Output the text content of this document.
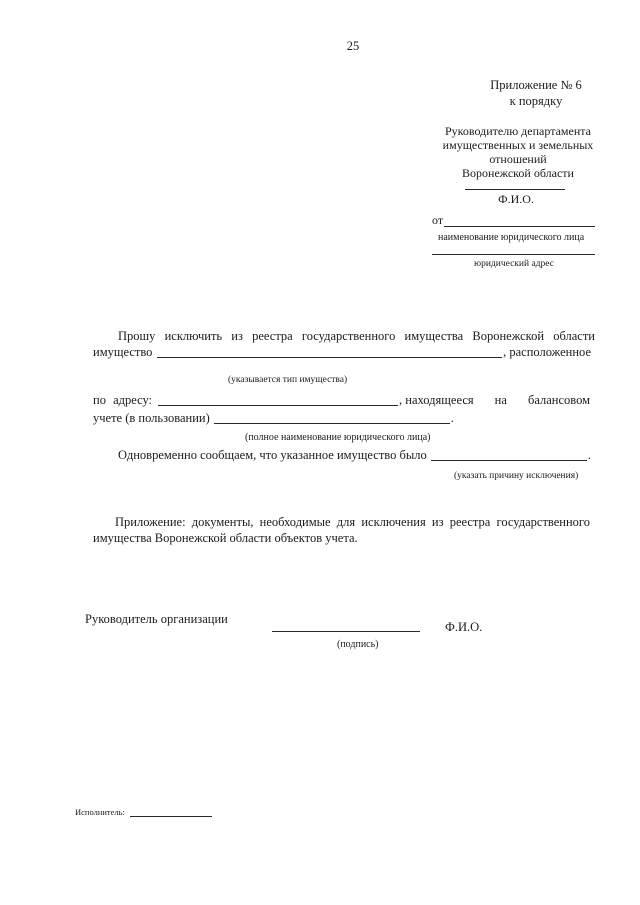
25
Приложение № 6
к порядку
Руководителю департамента
имущественных и земельных
отношений
Воронежской области
Ф.И.О.
от
наименование юридического лица
юридический адрес
Прошу исключить из реестра государственного имущества Воронежской области
имущество	, расположенное
(указывается тип имущества)
по адресу:	, находящееся на балансовом
учете (в пользовании)	.
(полное наименование юридического лица)
Одновременно сообщаем, что указанное имущество было	.
(указать причину исключения)
Приложение: документы, необходимые для исключения из реестра государственного
имущества Воронежской области объектов учета.
Руководитель организации
Ф.И.О.
(подпись)
Исполнитель:
